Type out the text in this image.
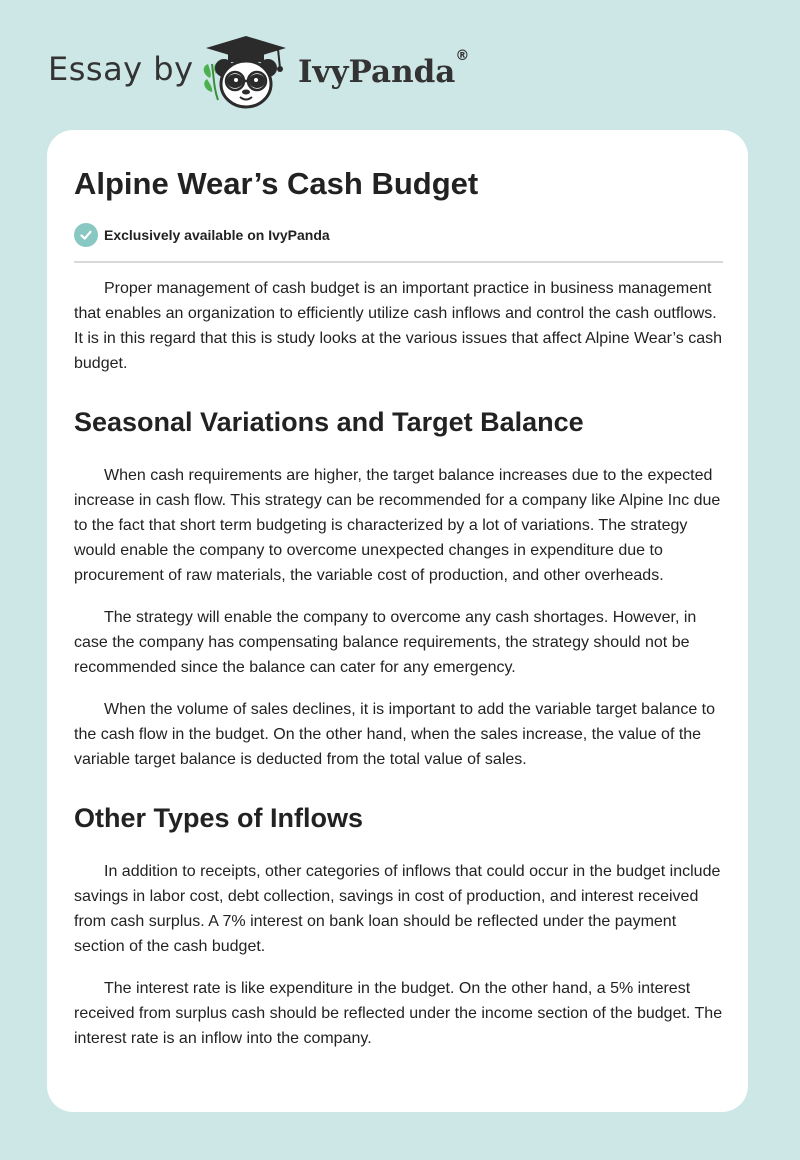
Essay by	IvyPanda®
Alpine Wear’s Cash Budget
Exclusively available on IvyPanda

Proper management of cash budget is an important practice in business management that enables an organization to efficiently utilize cash inflows and control the cash outflows. It is in this regard that this is study looks at the various issues that affect Alpine Wear’s cash budget.

Seasonal Variations and Target Balance

When cash requirements are higher, the target balance increases due to the expected increase in cash flow. This strategy can be recommended for a company like Alpine Inc due to the fact that short term budgeting is characterized by a lot of variations. The strategy would enable the company to overcome unexpected changes in expenditure due to procurement of raw materials, the variable cost of production, and other overheads.

The strategy will enable the company to overcome any cash shortages. However, in case the company has compensating balance requirements, the strategy should not be recommended since the balance can cater for any emergency.

When the volume of sales declines, it is important to add the variable target balance to the cash flow in the budget. On the other hand, when the sales increase, the value of the variable target balance is deducted from the total value of sales.

Other Types of Inflows

In addition to receipts, other categories of inflows that could occur in the budget include savings in labor cost, debt collection, savings in cost of production, and interest received from cash surplus. A 7% interest on bank loan should be reflected under the payment section of the cash budget.

The interest rate is like expenditure in the budget. On the other hand, a 5% interest received from surplus cash should be reflected under the income section of the budget. The interest rate is an inflow into the company.
